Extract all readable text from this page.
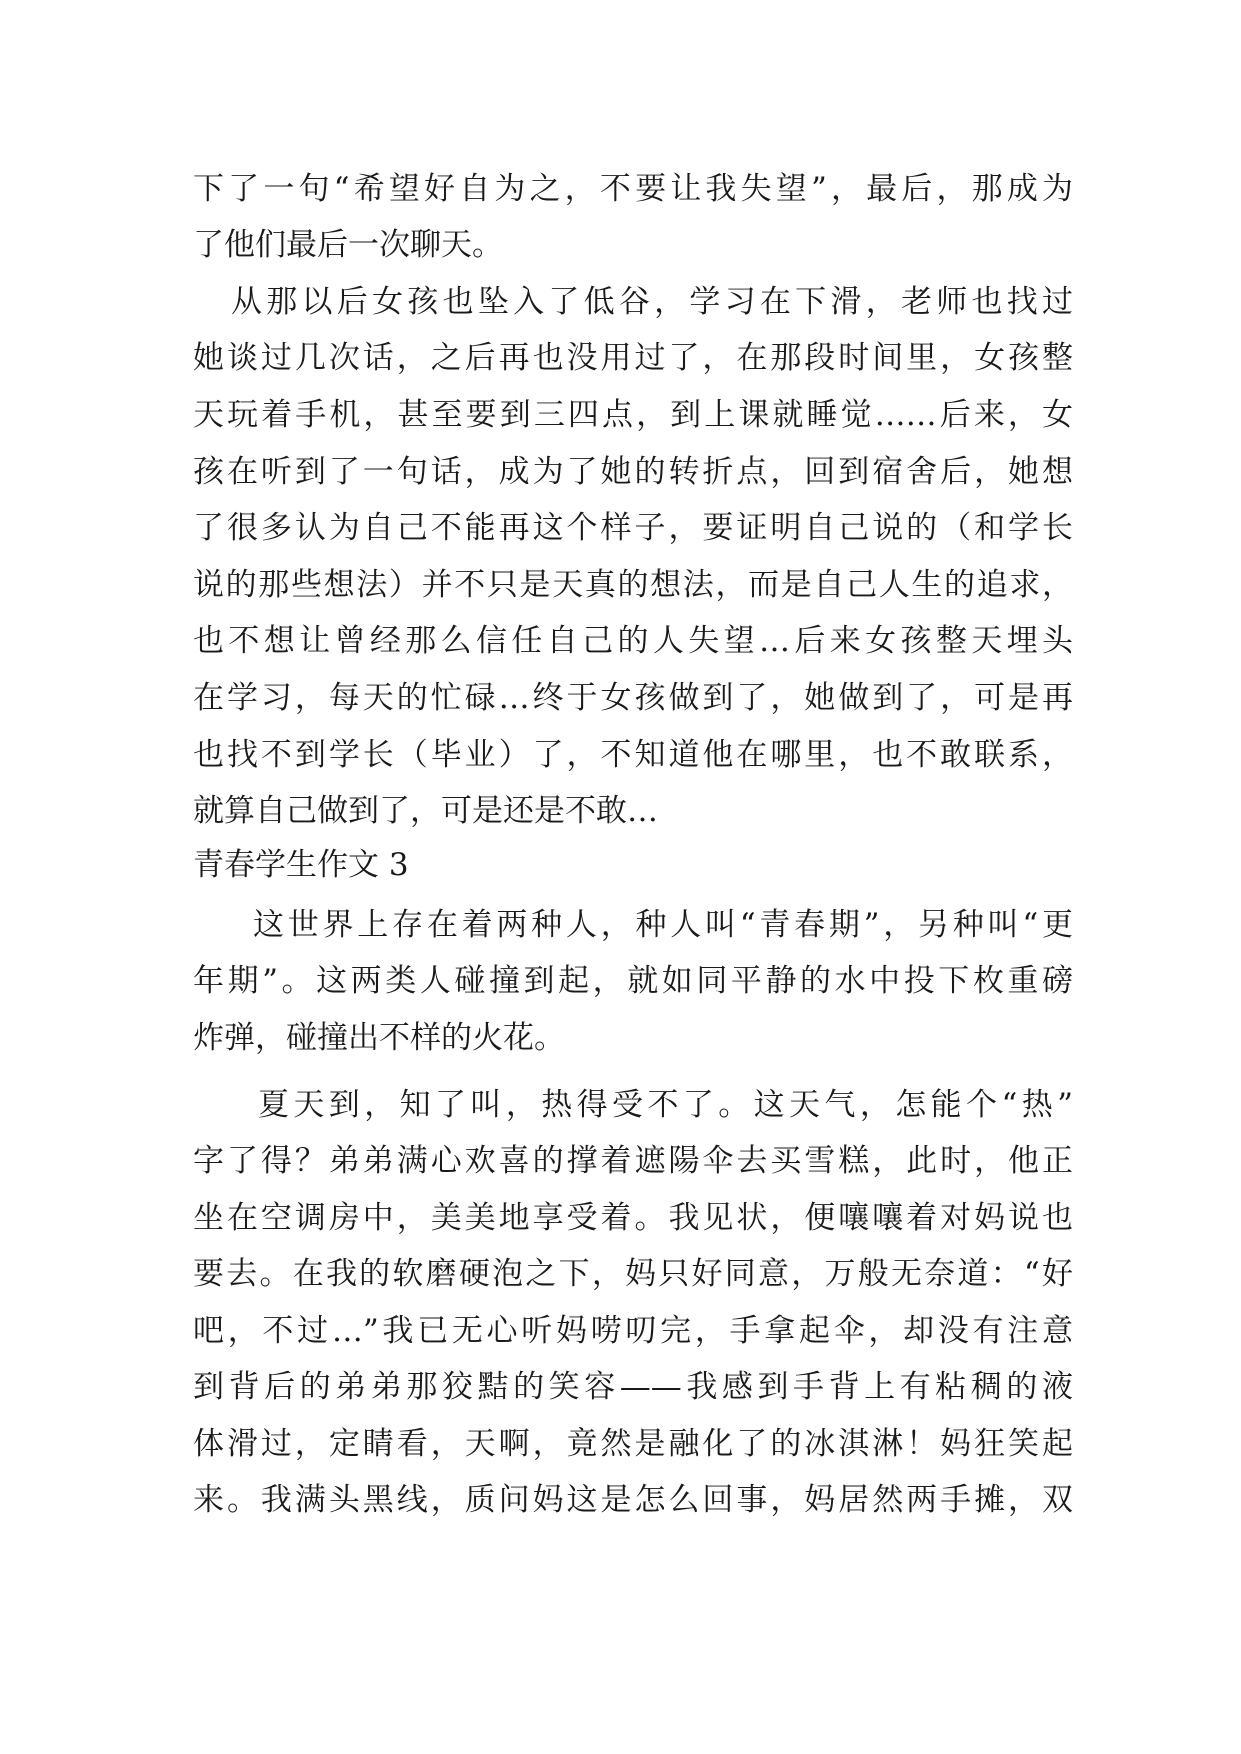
下了一句“希望好自为之，不要让我失望”，最后，那成为
了他们最后一次聊天。
从那以后女孩也坠入了低谷，学习在下滑，老师也找过
她谈过几次话，之后再也没用过了，在那段时间里，女孩整
天玩着手机，甚至要到三四点，到上课就睡觉……后来，女
孩在听到了一句话，成为了她的转折点，回到宿舍后，她想
了很多认为自己不能再这个样子，要证明自己说的（和学长
说的那些想法）并不只是天真的想法，而是自己人生的追求，
也不想让曾经那么信任自己的人失望…后来女孩整天埋头
在学习，每天的忙碌…终于女孩做到了，她做到了，可是再
也找不到学长（毕业）了，不知道他在哪里，也不敢联系，
就算自己做到了，可是还是不敢…
青春学生作文 3
这世界上存在着两种人，种人叫“青春期”，另种叫“更
年期”。这两类人碰撞到起，就如同平静的水中投下枚重磅
炸弹，碰撞出不样的火花。
夏天到，知了叫，热得受不了。这天气，怎能个“热”
字了得？弟弟满心欢喜的撑着遮陽伞去买雪糕，此时，他正
坐在空调房中，美美地享受着。我见状，便嚷嚷着对妈说也
要去。在我的软磨硬泡之下，妈只好同意，万般无奈道：“好
吧，不过…”我已无心听妈唠叨完，手拿起伞，却没有注意
到背后的弟弟那狡黠的笑容——我感到手背上有粘稠的液
体滑过，定睛看，天啊，竟然是融化了的冰淇淋！妈狂笑起
来。我满头黑线，质问妈这是怎么回事，妈居然两手摊，双
